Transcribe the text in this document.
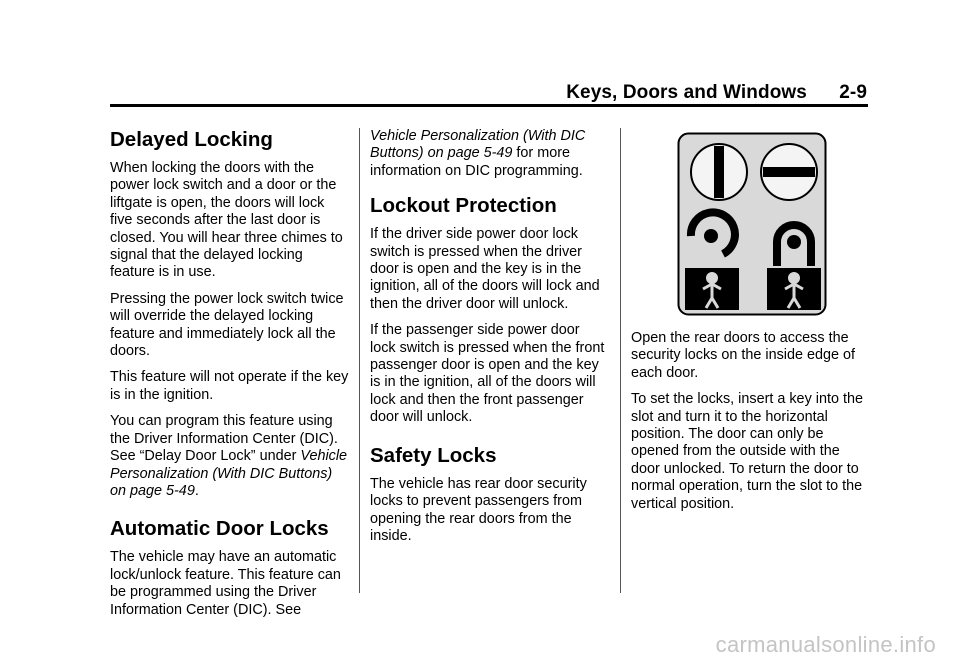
Keys, Doors and Windows 2-9
Delayed Locking

When locking the doors with the power lock switch and a door or the liftgate is open, the doors will lock five seconds after the last door is closed. You will hear three chimes to signal that the delayed locking feature is in use.

Pressing the power lock switch twice will override the delayed locking feature and immediately lock all the doors.

This feature will not operate if the key is in the ignition.

You can program this feature using the Driver Information Center (DIC). See “Delay Door Lock” under Vehicle Personalization (With DIC Buttons) on page 5-49.

Automatic Door Locks

The vehicle may have an automatic lock/unlock feature. This feature can be programmed using the Driver Information Center (DIC). See

Vehicle Personalization (With DIC Buttons) on page 5-49 for more information on DIC programming.

Lockout Protection

If the driver side power door lock switch is pressed when the driver door is open and the key is in the ignition, all of the doors will lock and then the driver door will unlock.

If the passenger side power door lock switch is pressed when the front passenger door is open and the key is in the ignition, all of the doors will lock and then the front passenger door will unlock.

Safety Locks

The vehicle has rear door security locks to prevent passengers from opening the rear doors from the inside.

Open the rear doors to access the security locks on the inside edge of each door.

To set the locks, insert a key into the slot and turn it to the horizontal position. The door can only be opened from the outside with the door unlocked. To return the door to normal operation, turn the slot to the vertical position.

carmanualsonline.info
